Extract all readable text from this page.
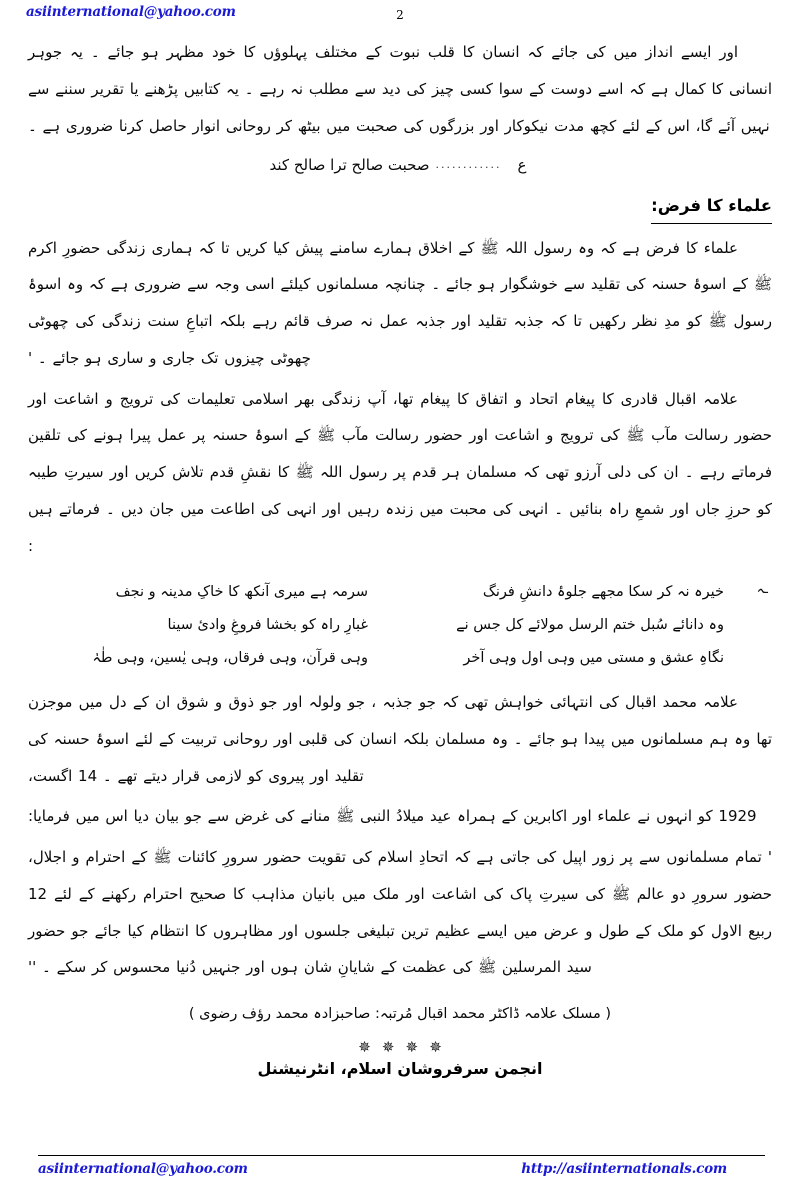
asiinternational@yahoo.com	2

اور ایسے انداز میں کی جائے کہ انسان کا قلب نبوت کے مختلف پہلوؤں کا خود مظہر ہو جائے ۔ یہ جوہر انسانی کا کمال ہے کہ اسے دوست کے سوا کسی چیز کی دید سے مطلب نہ رہے ۔ یہ کتابیں پڑھنے یا تقریر سننے سے نہیں آئے گا، اس کے لئے کچھ مدت نیکوکار اور بزرگوں کی صحبت میں بیٹھ کر روحانی انوار حاصل کرنا ضروری ہے ۔

ع............صحبت صالح ترا صالح کند
علماء کا فرض:

علماء کا فرض ہے کہ وہ رسول اللہ ﷺ کے اخلاق ہمارے سامنے پیش کیا کریں تا کہ ہماری زندگی حضورِ اکرم ﷺ کے اسوۂ حسنہ کی تقلید سے خوشگوار ہو جائے ۔ چنانچہ مسلمانوں کیلئے اسی وجہ سے ضروری ہے کہ وہ اسوۂ رسول ﷺ کو مدِ نظر رکھیں تا کہ جذبہ تقلید اور جذبہ عمل نہ صرف قائم رہے بلکہ اتباعِ سنت زندگی کی چھوٹی چھوٹی چیزوں تک جاری و ساری ہو جائے ۔ '

علامہ اقبال قادری کا پیغام اتحاد و اتفاق کا پیغام تھا، آپ زندگی بھر اسلامی تعلیمات کی ترویج و اشاعت اور حضور رسالت مآب ﷺ کی ترویج و اشاعت اور حضور رسالت مآب ﷺ کے اسوۂ حسنہ پر عمل پیرا ہونے کی تلقین فرماتے رہے ۔ ان کی دلی آرزو تھی کہ مسلمان ہر قدم پر رسول اللہ ﷺ کا نقشِ قدم تلاش کریں اور سیرتِ طیبہ کو حرزِ جاں اور شمعِ راہ بنائیں ۔ انہی کی محبت میں زندہ رہیں اور انہی کی اطاعت میں جان دیں ۔ فرماتے ہیں :

ـہ
خیرہ نہ کر سکا مجھے جلوۂ دانشِ فرنگ
سرمہ ہے میری آنکھ کا خاکِ مدینہ و نجف
وہ دانائے سُبل ختم الرسل مولائے کل جس نے
غبارِ راہ کو بخشا فروغِ وادیٔ سینا
نگاہِ عشق و مستی میں وہی اول وہی آخر
وہی قرآن، وہی فرقاں، وہی یٰسین، وہی طٰہٰ

علامہ محمد اقبال کی انتہائی خواہش تھی کہ جو جذبہ ، جو ولولہ اور جو ذوق و شوق ان کے دل میں موجزن تھا وہ ہم مسلمانوں میں پیدا ہو جائے ۔ وہ مسلمان بلکہ انسان کی قلبی اور روحانی تربیت کے لئے اسوۂ حسنہ کی تقلید اور پیروی کو لازمی قرار دیتے تھے ۔ 14 اگست،

1929 کو انہوں نے علماء اور اکابرین کے ہمراہ عید میلادُ النبی ﷺ منانے کی غرض سے جو بیان دیا اس میں فرمایا:

' تمام مسلمانوں سے پر زور اپیل کی جاتی ہے کہ اتحادِ اسلام کی تقویت حضور سرورِ کائنات ﷺ کے احترام و اجلال، حضور سرورِ دو عالم ﷺ کی سیرتِ پاک کی اشاعت اور ملک میں بانیان مذاہب کا صحیح احترام رکھنے کے لئے 12 ربیع الاول کو ملک کے طول و عرض میں ایسے عظیم ترین تبلیغی جلسوں اور مظاہروں کا انتظام کیا جائے جو حضور سید المرسلین ﷺ کی عظمت کے شایانِ شان ہوں اور جنہیں دُنیا محسوس کر سکے ۔ ''

( مسلک علامہ ڈاکٹر محمد اقبال مُرتبہ: صاحبزادہ محمد رؤف رضوی )
✵ ✵ ✵ ✵
انجمن سرفروشان اسلام، انٹرنیشنل
asiinternational@yahoo.com	http://asiinternationals.com
